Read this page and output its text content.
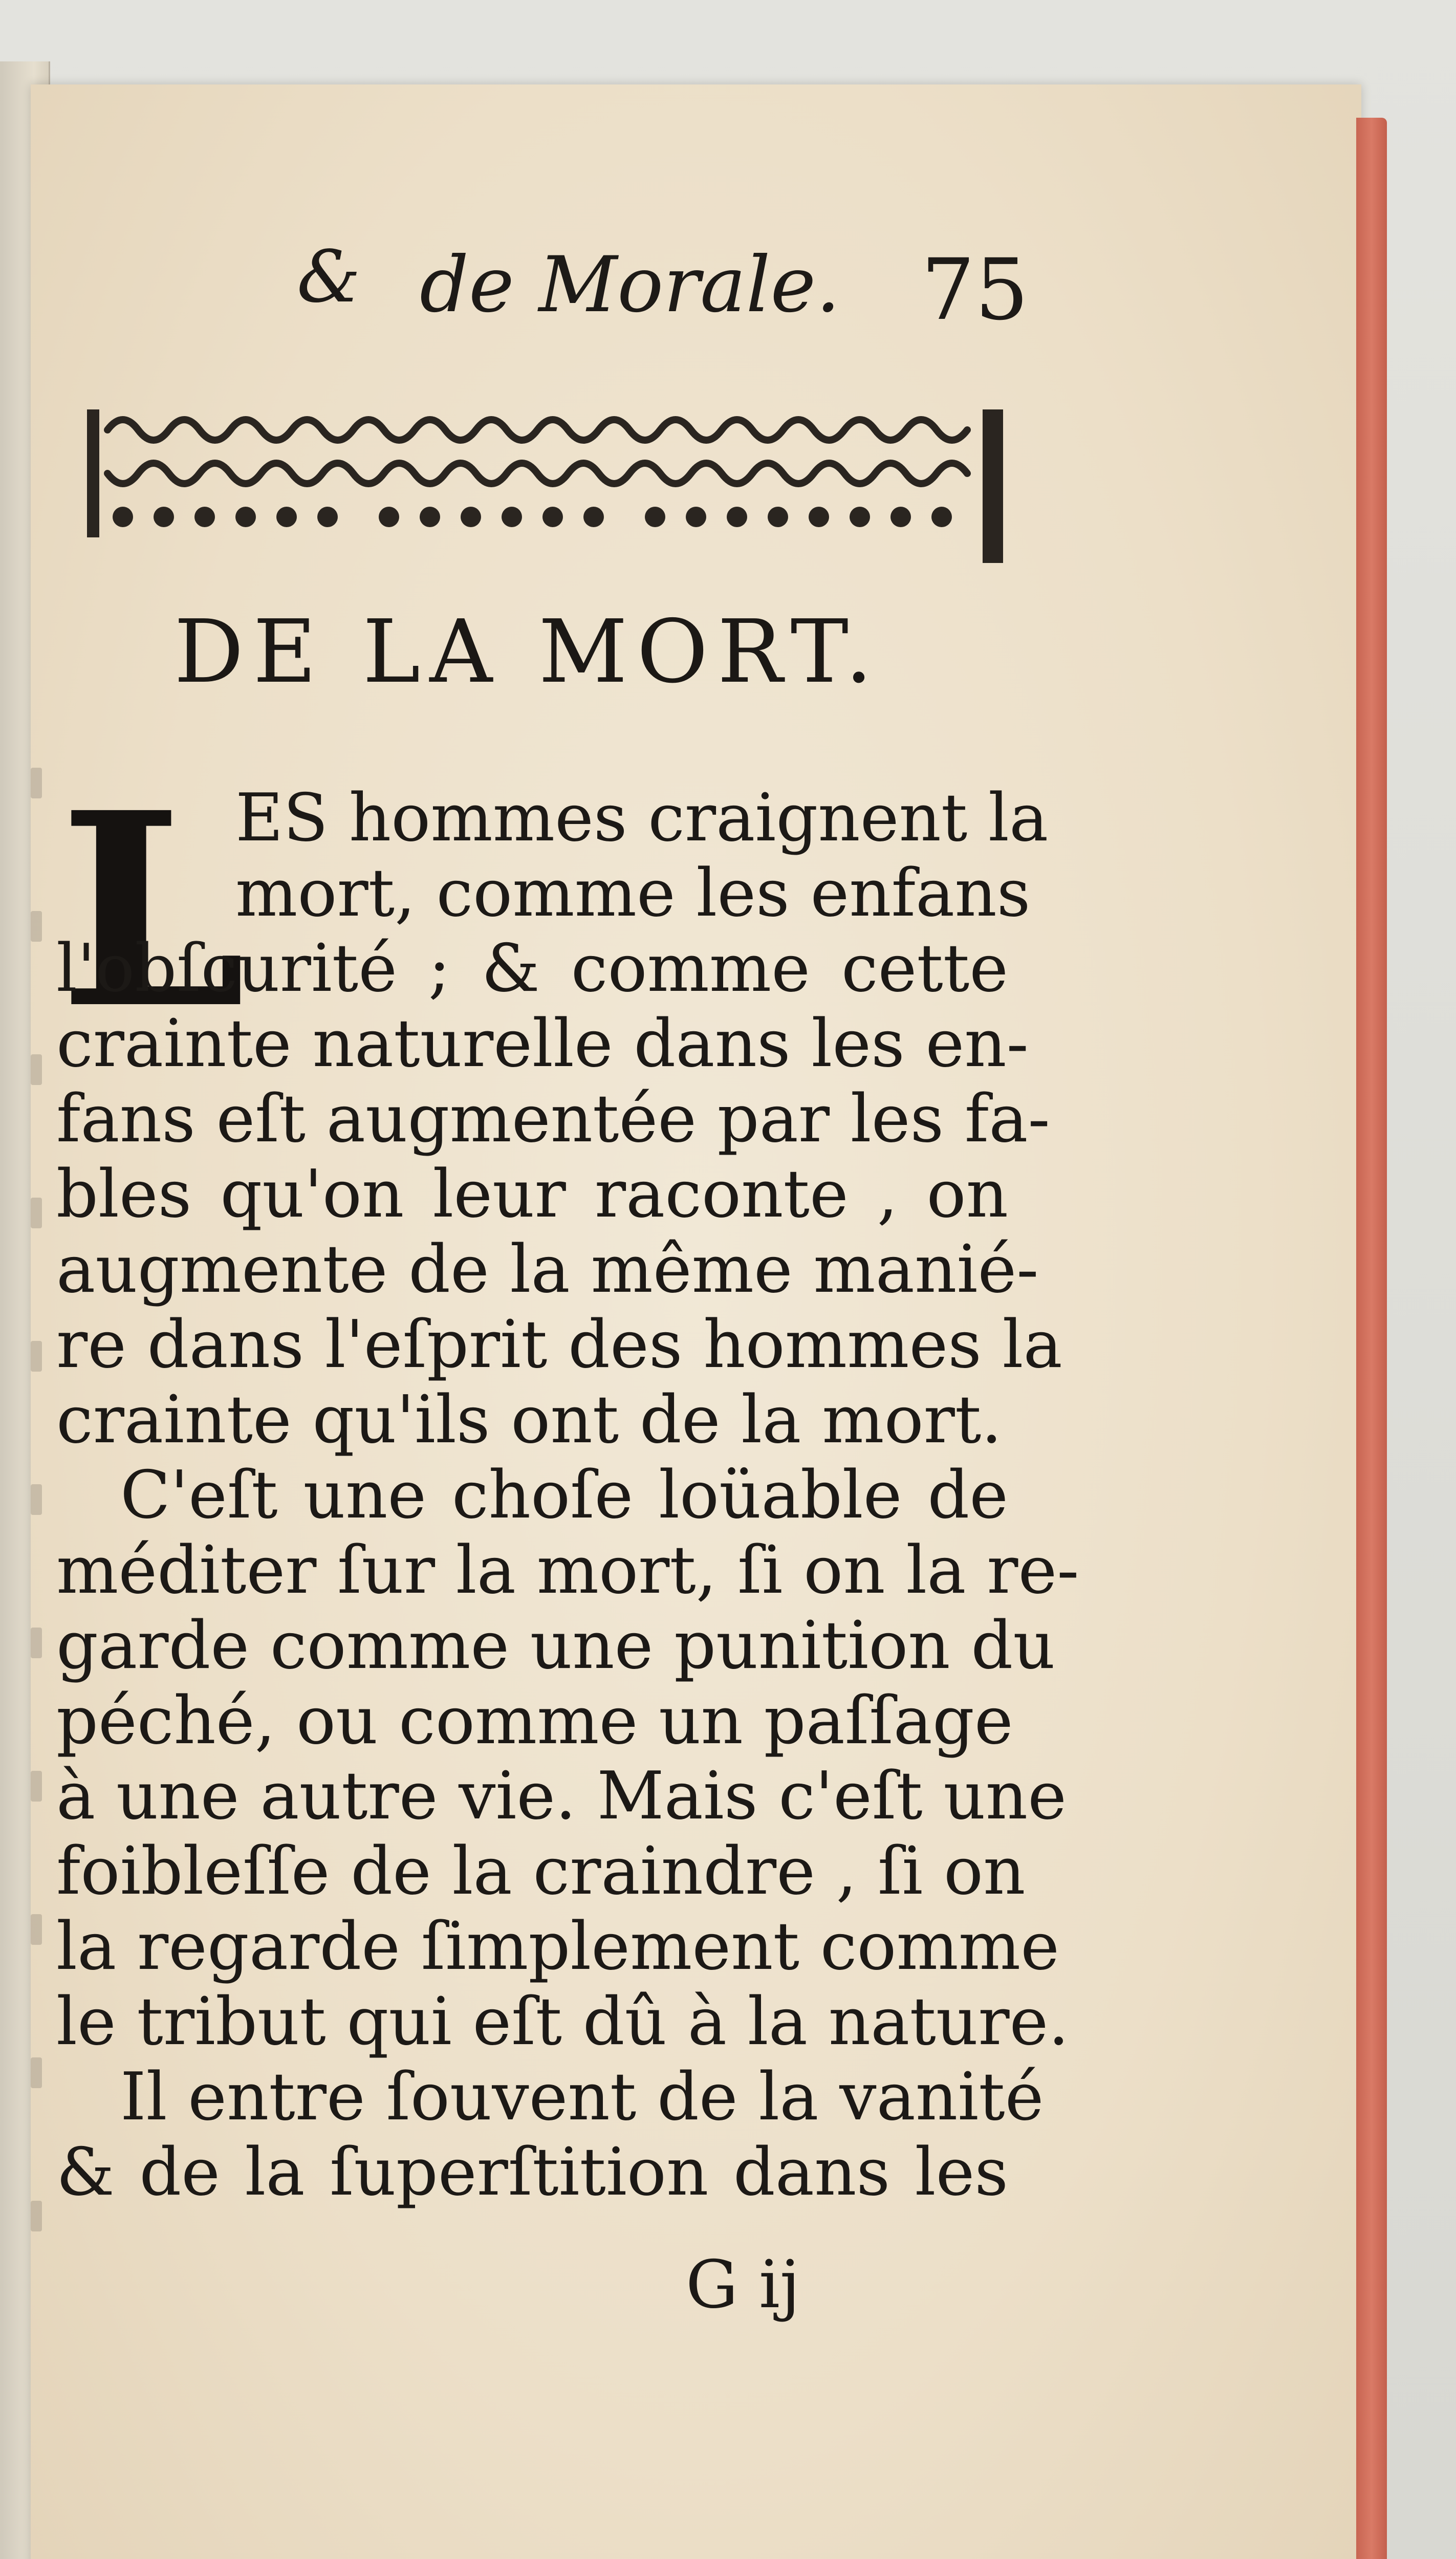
& de Morale. 75
DE LA MORT.
L
ES hommes craignent la
mort, comme les enfans
l'obſcurité ; & comme cette
crainte naturelle dans les en-
fans eſt augmentée par les fa-
bles qu'on leur raconte , on
augmente de la même manié-
re dans l'eſprit des hommes la
crainte qu'ils ont de la mort.
C'eſt une choſe loüable de
méditer ſur la mort, ſi on la re-
garde comme une punition du
péché, ou comme un paſſage
à une autre vie. Mais c'eſt une
foibleſſe de la craindre , ſi on
la regarde ſimplement comme
le tribut qui eſt dû à la nature.
Il entre ſouvent de la vanité
& de la ſuperſtition dans les
G ij
